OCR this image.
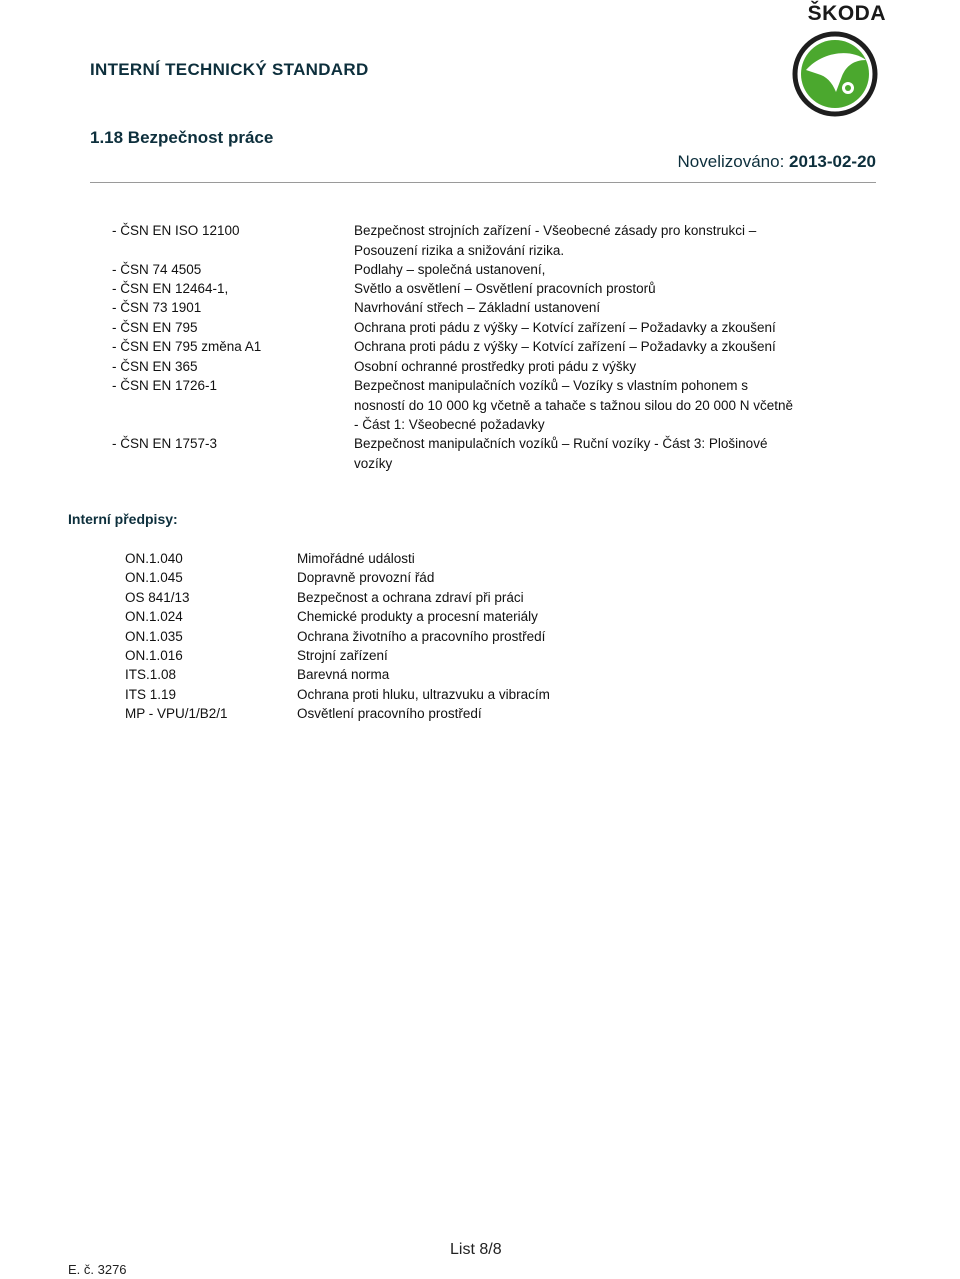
ŠKODA
INTERNÍ TECHNICKÝ STANDARD
1.18 Bezpečnost práce
Novelizováno: 2013-02-20
- ČSN EN ISO 12100	Bezpečnost strojních zařízení - Všeobecné zásady pro konstrukci – Posouzení rizika a snižování rizika.
- ČSN 74 4505	Podlahy – společná ustanovení,
- ČSN EN 12464-1,	Světlo a osvětlení – Osvětlení pracovních prostorů
- ČSN 73 1901	Navrhování střech – Základní ustanovení
- ČSN EN 795	Ochrana proti pádu z výšky – Kotvící zařízení – Požadavky a zkoušení
- ČSN EN 795 změna A1	Ochrana proti pádu z výšky – Kotvící zařízení – Požadavky a zkoušení
- ČSN EN 365	Osobní ochranné prostředky proti pádu z výšky
- ČSN EN 1726-1	Bezpečnost manipulačních vozíků – Vozíky s vlastním pohonem s nosností do 10 000 kg včetně a tahače s tažnou silou do 20 000 N včetně - Část 1: Všeobecné požadavky
- ČSN EN 1757-3	Bezpečnost manipulačních vozíků – Ruční vozíky - Část 3: Plošinové vozíky
Interní předpisy:
ON.1.040	Mimořádné události
ON.1.045	Dopravně provozní řád
OS 841/13	Bezpečnost a ochrana zdraví při práci
ON.1.024	Chemické produkty a procesní materiály
ON.1.035	Ochrana životního a pracovního prostředí
ON.1.016	Strojní zařízení
ITS.1.08	Barevná norma
ITS 1.19	Ochrana proti hluku, ultrazvuku a vibracím
MP - VPU/1/B2/1	Osvětlení pracovního prostředí
List 8/8
E. č. 3276
